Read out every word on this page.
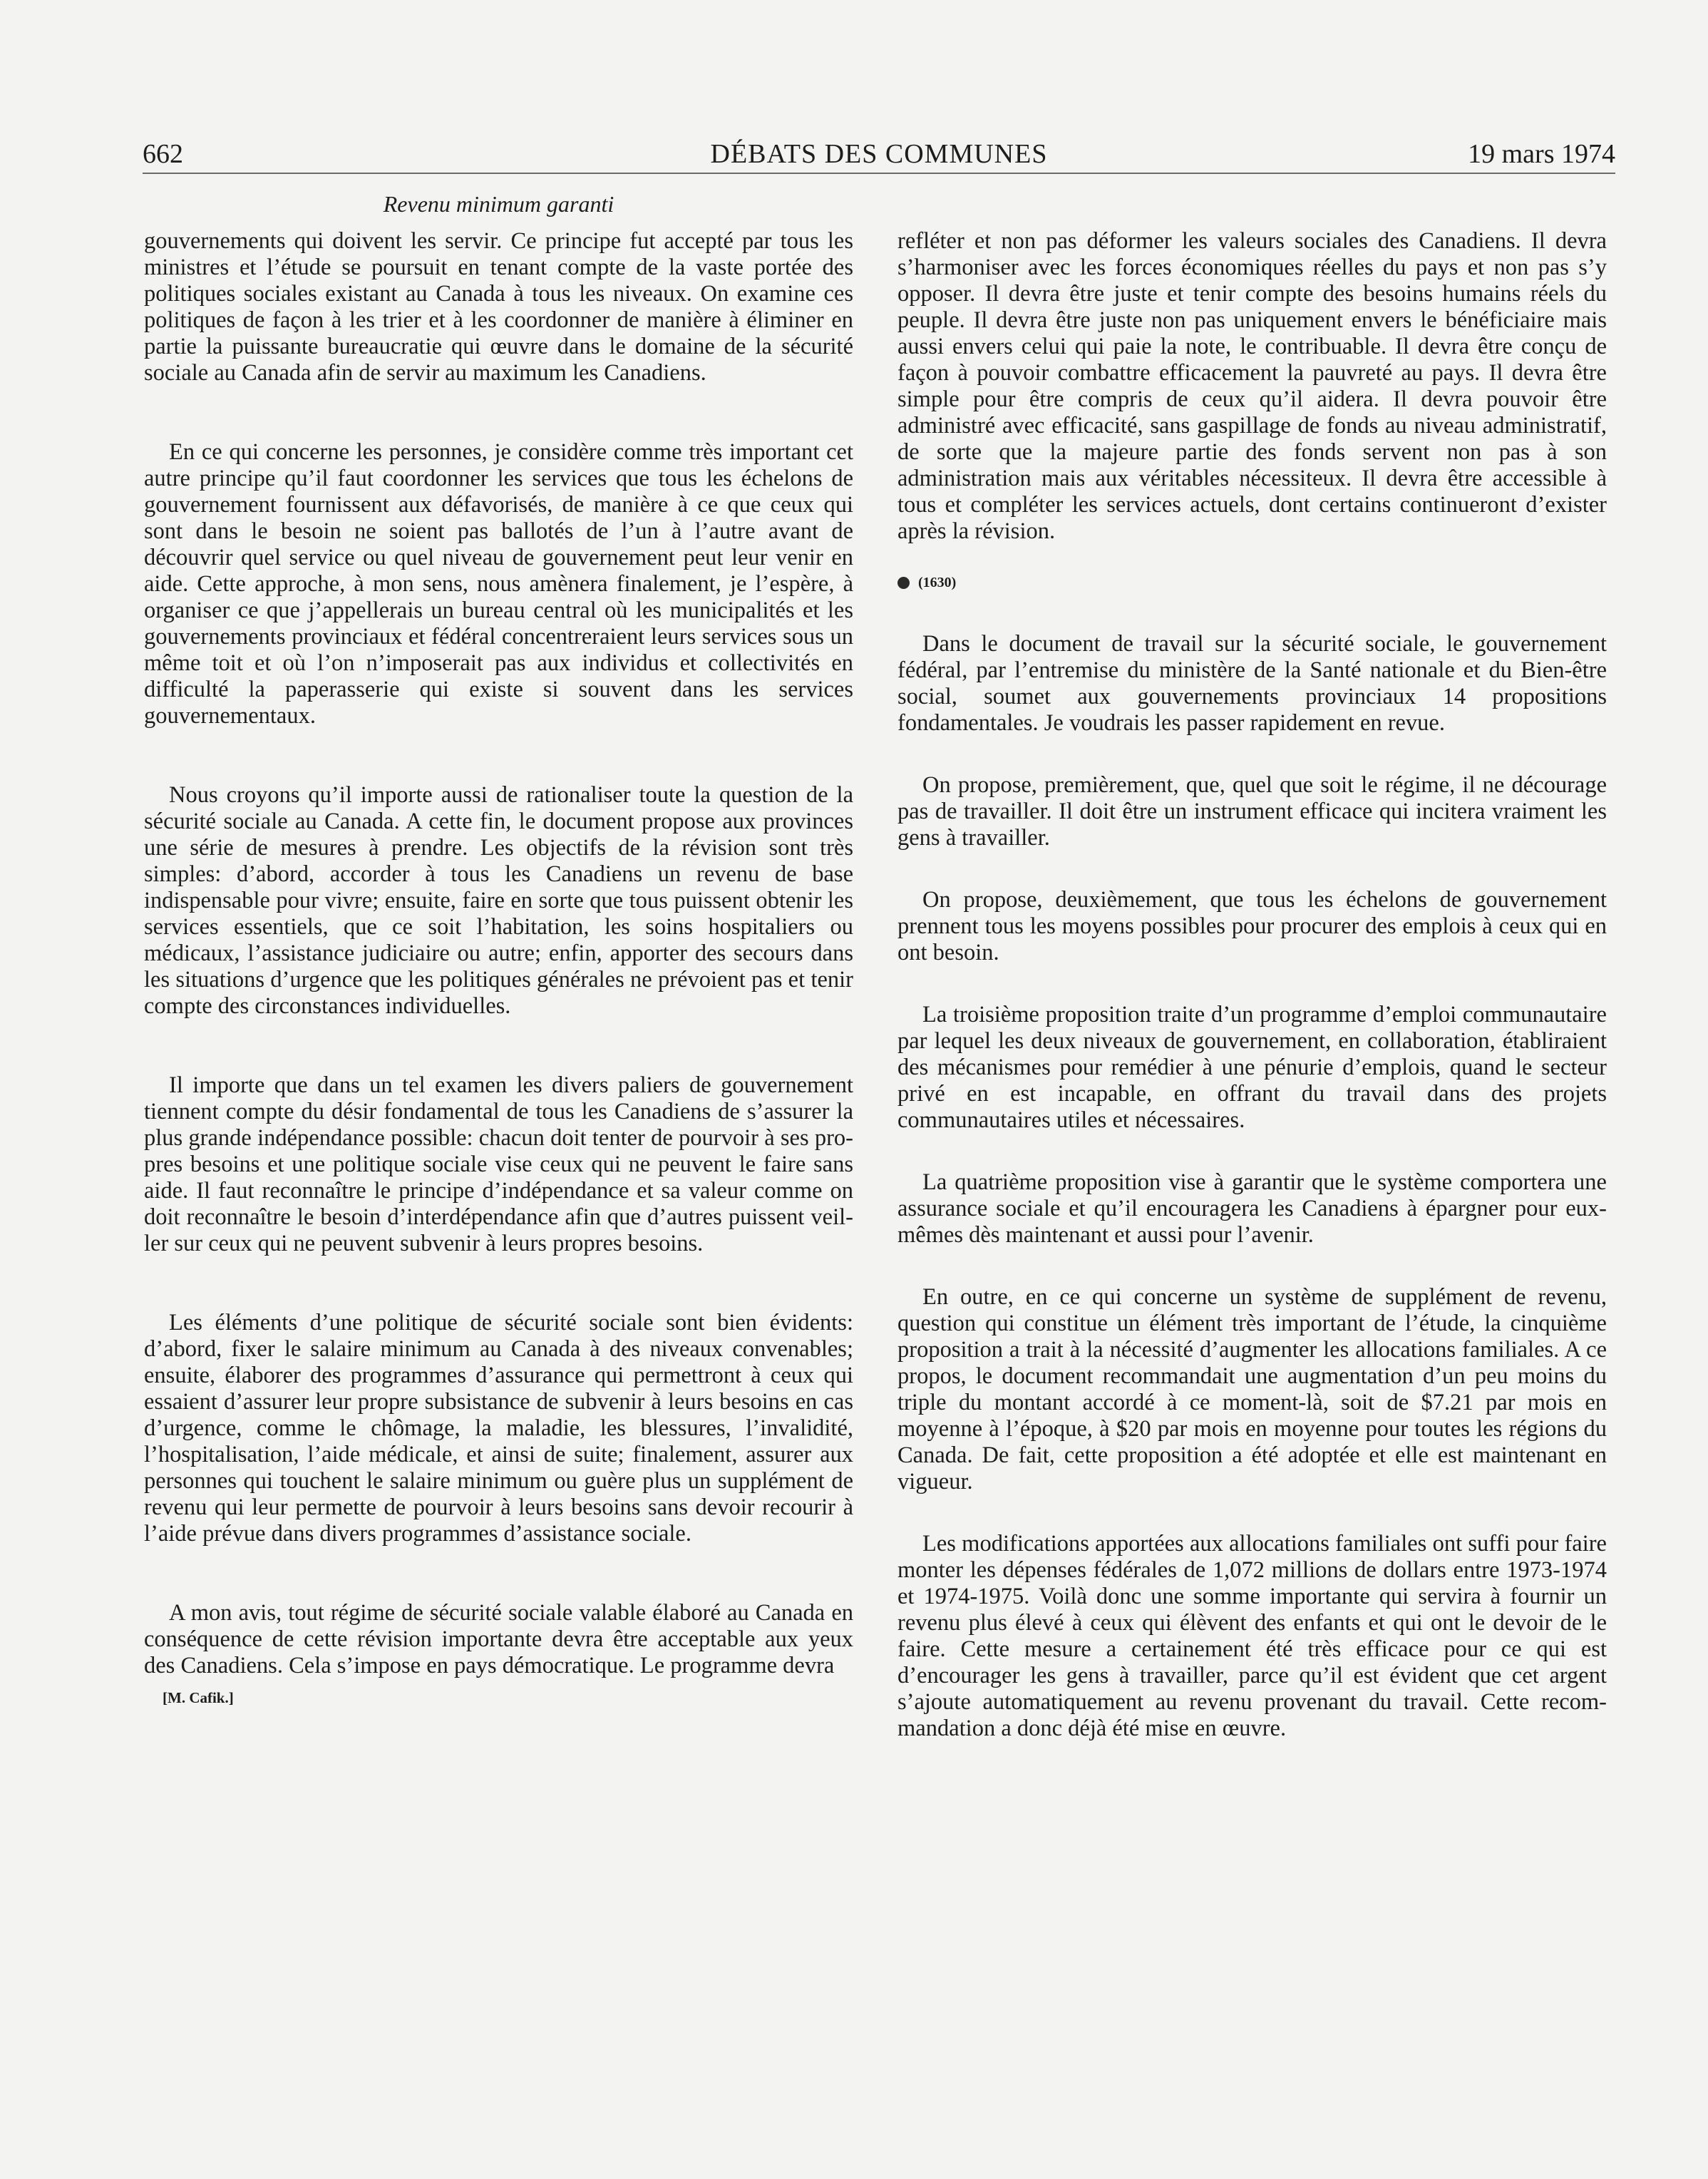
662	DÉBATS DES COMMUNES	19 mars 1974
Revenu minimum garanti

gouvernements qui doivent les servir. Ce principe fut accepté par tous les ministres et l’étude se poursuit en tenant compte de la vaste portée des politiques sociales existant au Canada à tous les niveaux. On examine ces politiques de façon à les trier et à les coordonner de manière à éliminer en partie la puissante bureaucratie qui œuvre dans le domaine de la sécurité sociale au Canada afin de servir au maximum les Canadiens.

En ce qui concerne les personnes, je considère comme très important cet autre principe qu’il faut coordonner les services que tous les échelons de gouvernement fournissent aux défavorisés, de manière à ce que ceux qui sont dans le besoin ne soient pas ballotés de l’un à l’autre avant de découvrir quel service ou quel niveau de gouvernement peut leur venir en aide. Cette approche, à mon sens, nous amènera finalement, je l’espère, à organiser ce que j’appellerais un bureau central où les municipalités et les gouvernements provinciaux et fédéral concentreraient leurs services sous un même toit et où l’on n’imposerait pas aux individus et collectivités en difficulté la paperasserie qui existe si souvent dans les services gouvernementaux.

Nous croyons qu’il importe aussi de rationaliser toute la question de la sécurité sociale au Canada. A cette fin, le document propose aux provinces une série de mesures à prendre. Les objectifs de la révision sont très simples: d’abord, accorder à tous les Canadiens un revenu de base indispensable pour vivre; ensuite, faire en sorte que tous puissent obtenir les services essentiels, que ce soit l’habitation, les soins hospitaliers ou médicaux, l’assistance judiciaire ou autre; enfin, apporter des secours dans les situations d’urgence que les politiques générales ne prévoient pas et tenir compte des circonstances individuelles.

Il importe que dans un tel examen les divers paliers de gouvernement tiennent compte du désir fondamental de tous les Canadiens de s’assurer la plus grande indépendance possible: chacun doit tenter de pourvoir à ses propres besoins et une politique sociale vise ceux qui ne peuvent le faire sans aide. Il faut reconnaître le principe d’indépendance et sa valeur comme on doit reconnaître le besoin d’interdépendance afin que d’autres puissent veiller sur ceux qui ne peuvent subvenir à leurs propres besoins.

Les éléments d’une politique de sécurité sociale sont bien évidents: d’abord, fixer le salaire minimum au Canada à des niveaux convenables; ensuite, élaborer des programmes d’assurance qui permettront à ceux qui essaient d’assurer leur propre subsistance de subvenir à leurs besoins en cas d’urgence, comme le chômage, la maladie, les blessures, l’invalidité, l’hospitalisation, l’aide médicale, et ainsi de suite; finalement, assurer aux personnes qui touchent le salaire minimum ou guère plus un supplément de revenu qui leur permette de pourvoir à leurs besoins sans devoir recourir à l’aide prévue dans divers programmes d’assistance sociale.

A mon avis, tout régime de sécurité sociale valable élaboré au Canada en conséquence de cette révision importante devra être acceptable aux yeux des Canadiens. Cela s’impose en pays démocratique. Le programme devra

[M. Cafik.]

refléter et non pas déformer les valeurs sociales des Canadiens. Il devra s’harmoniser avec les forces économiques réelles du pays et non pas s’y opposer. Il devra être juste et tenir compte des besoins humains réels du peuple. Il devra être juste non pas uniquement envers le bénéficiaire mais aussi envers celui qui paie la note, le contribuable. Il devra être conçu de façon à pouvoir combattre efficacement la pauvreté au pays. Il devra être simple pour être compris de ceux qu’il aidera. Il devra pouvoir être administré avec efficacité, sans gaspillage de fonds au niveau administratif, de sorte que la majeure partie des fonds servent non pas à son administration mais aux véritables nécessiteux. Il devra être accessible à tous et compléter les services actuels, dont certains continueront d’exister après la révision.

(1630)

Dans le document de travail sur la sécurité sociale, le gouvernement fédéral, par l’entremise du ministère de la Santé nationale et du Bien-être social, soumet aux gouvernements provinciaux 14 propositions fondamentales. Je voudrais les passer rapidement en revue.

On propose, premièrement, que, quel que soit le régime, il ne décourage pas de travailler. Il doit être un instrument efficace qui incitera vraiment les gens à travailler.

On propose, deuxièmement, que tous les échelons de gouvernement prennent tous les moyens possibles pour procurer des emplois à ceux qui en ont besoin.

La troisième proposition traite d’un programme d’emploi communautaire par lequel les deux niveaux de gouvernement, en collaboration, établiraient des mécanismes pour remédier à une pénurie d’emplois, quand le secteur privé en est incapable, en offrant du travail dans des projets communautaires utiles et nécessaires.

La quatrième proposition vise à garantir que le système comportera une assurance sociale et qu’il encouragera les Canadiens à épargner pour eux-mêmes dès maintenant et aussi pour l’avenir.

En outre, en ce qui concerne un système de supplément de revenu, question qui constitue un élément très important de l’étude, la cinquième proposition a trait à la nécessité d’augmenter les allocations familiales. A ce propos, le document recommandait une augmentation d’un peu moins du triple du montant accordé à ce moment-là, soit de $7.21 par mois en moyenne à l’époque, à $20 par mois en moyenne pour toutes les régions du Canada. De fait, cette proposition a été adoptée et elle est maintenant en vigueur.

Les modifications apportées aux allocations familiales ont suffi pour faire monter les dépenses fédérales de 1,072 millions de dollars entre 1973-1974 et 1974-1975. Voilà donc une somme importante qui servira à fournir un revenu plus élevé à ceux qui élèvent des enfants et qui ont le devoir de le faire. Cette mesure a certainement été très efficace pour ce qui est d’encourager les gens à travailler, parce qu’il est évident que cet argent s’ajoute automatiquement au revenu provenant du travail. Cette recommandation a donc déjà été mise en œuvre.
